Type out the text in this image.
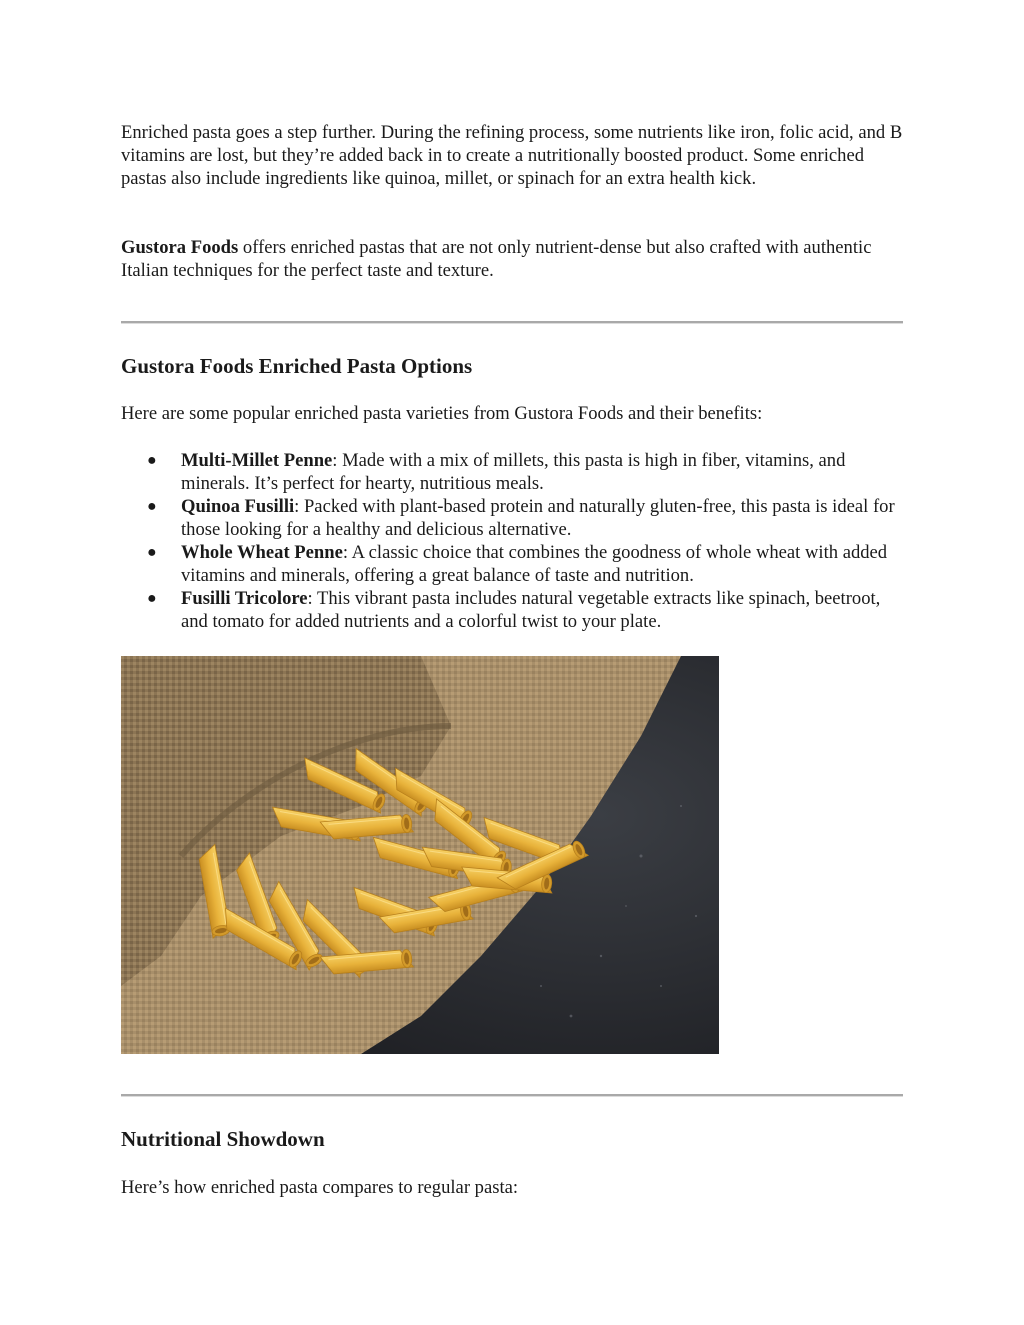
Enriched pasta goes a step further. During the refining process, some nutrients like iron, folic acid, and B vitamins are lost, but they’re added back in to create a nutritionally boosted product. Some enriched pastas also include ingredients like quinoa, millet, or spinach for an extra health kick.

Gustora Foods offers enriched pastas that are not only nutrient-dense but also crafted with authentic Italian techniques for the perfect taste and texture.

Gustora Foods Enriched Pasta Options

Here are some popular enriched pasta varieties from Gustora Foods and their benefits:

● Multi-Millet Penne: Made with a mix of millets, this pasta is high in fiber, vitamins, and minerals. It’s perfect for hearty, nutritious meals.
● Quinoa Fusilli: Packed with plant-based protein and naturally gluten-free, this pasta is ideal for those looking for a healthy and delicious alternative.
● Whole Wheat Penne: A classic choice that combines the goodness of whole wheat with added vitamins and minerals, offering a great balance of taste and nutrition.
● Fusilli Tricolore: This vibrant pasta includes natural vegetable extracts like spinach, beetroot, and tomato for added nutrients and a colorful twist to your plate.
Nutritional Showdown

Here’s how enriched pasta compares to regular pasta:
